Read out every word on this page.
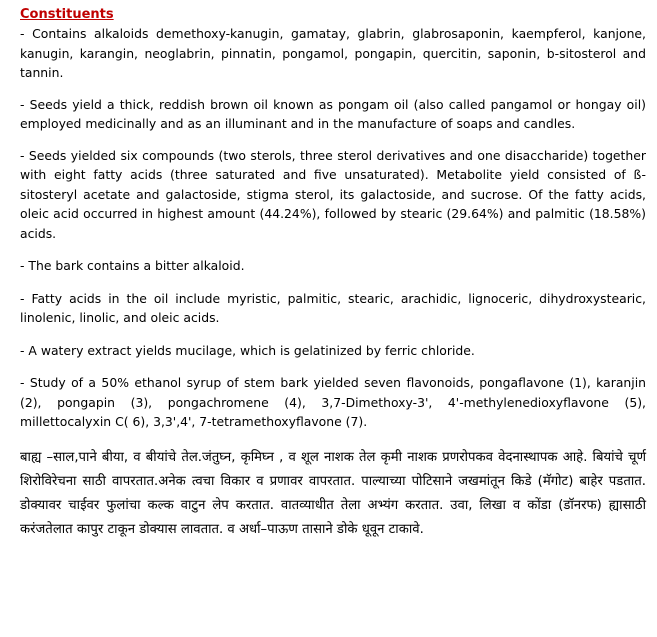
Constituents

- Contains alkaloids demethoxy-kanugin, gamatay, glabrin, glabrosaponin, kaempferol, kanjone, kanugin, karangin, neoglabrin, pinnatin, pongamol, pongapin, quercitin, saponin, b-sitosterol and tannin.

- Seeds yield a thick, reddish brown oil known as pongam oil (also called pangamol or hongay oil) employed medicinally and as an illuminant and in the manufacture of soaps and candles.

- Seeds yielded six compounds (two sterols, three sterol derivatives and one disaccharide) together with eight fatty acids (three saturated and five unsaturated). Metabolite yield consisted of ß-sitosteryl acetate and galactoside, stigma sterol, its galactoside, and sucrose. Of the fatty acids, oleic acid occurred in highest amount (44.24%), followed by stearic (29.64%) and palmitic (18.58%) acids.

- The bark contains a bitter alkaloid.

- Fatty acids in the oil include myristic, palmitic, stearic, arachidic, lignoceric, dihydroxystearic, linolenic, linolic, and oleic acids.

- A watery extract yields mucilage, which is gelatinized by ferric chloride.

- Study of a 50% ethanol syrup of stem bark yielded seven flavonoids, pongaflavone (1), karanjin (2), pongapin (3), pongachromene (4), 3,7-Dimethoxy-3', 4'-methylenedioxyflavone (5), millettocalyxin C( 6), 3,3',4', 7-tetramethoxyflavone (7).

बाह्य –साल,पाने बीया, व बीयांचे तेल.जंतुघ्न, कृमिघ्न , व शूल नाशक तेल कृमी नाशक प्रणरोपकव वेदनास्थापक आहे. बियांचे चूर्ण शिरोविरेचना साठी वापरतात.अनेक त्वचा विकार व प्रणावर वापरतात. पाल्याच्या पोटिसाने जखमांतून किडे (मॅगोट) बाहेर पडतात. डोक्यावर चाईवर फुलांचा कल्क वाटुन लेप करतात. वातव्याधीत तेला अभ्यंग करतात. उवा, लिखा व कोंडा (डॉनरफ) ह्यासाठी करंजतेलात कापुर टाकून डोक्यास लावतात. व अर्धा–पाऊण तासाने डोके धूवून टाकावे.
